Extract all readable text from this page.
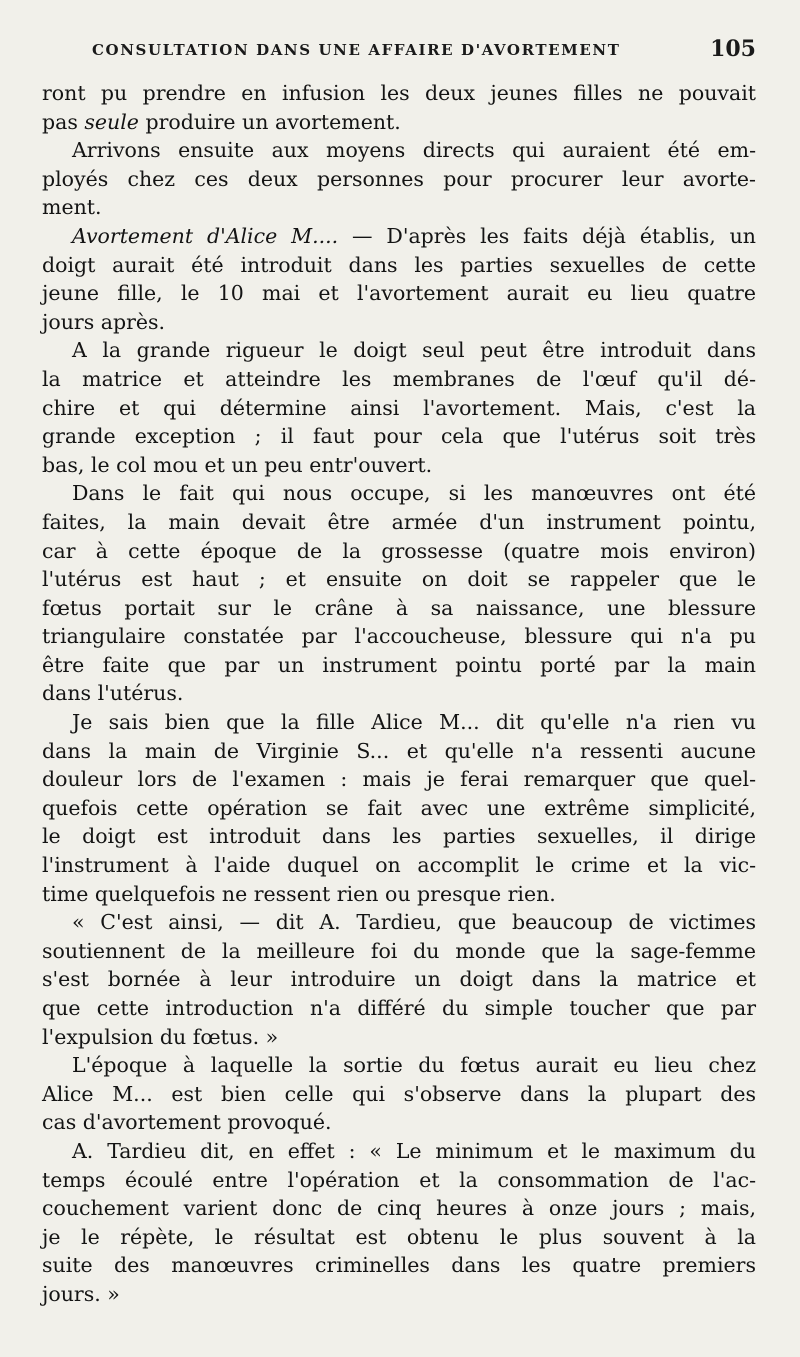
CONSULTATION DANS UNE AFFAIRE D'AVORTEMENT	105
ront pu prendre en infusion les deux jeunes filles ne pouvait
pas seule produire un avortement.
Arrivons ensuite aux moyens directs qui auraient été em-
ployés chez ces deux personnes pour procurer leur avorte-
ment.
Avortement d'Alice M.... — D'après les faits déjà établis, un
doigt aurait été introduit dans les parties sexuelles de cette
jeune fille, le 10 mai et l'avortement aurait eu lieu quatre
jours après.
A la grande rigueur le doigt seul peut être introduit dans
la matrice et atteindre les membranes de l'œuf qu'il dé-
chire et qui détermine ainsi l'avortement. Mais, c'est la
grande exception ; il faut pour cela que l'utérus soit très
bas, le col mou et un peu entr'ouvert.
Dans le fait qui nous occupe, si les manœuvres ont été
faites, la main devait être armée d'un instrument pointu,
car à cette époque de la grossesse (quatre mois environ)
l'utérus est haut ; et ensuite on doit se rappeler que le
fœtus portait sur le crâne à sa naissance, une blessure
triangulaire constatée par l'accoucheuse, blessure qui n'a pu
être faite que par un instrument pointu porté par la main
dans l'utérus.
Je sais bien que la fille Alice M... dit qu'elle n'a rien vu
dans la main de Virginie S... et qu'elle n'a ressenti aucune
douleur lors de l'examen : mais je ferai remarquer que quel-
quefois cette opération se fait avec une extrême simplicité,
le doigt est introduit dans les parties sexuelles, il dirige
l'instrument à l'aide duquel on accomplit le crime et la vic-
time quelquefois ne ressent rien ou presque rien.
« C'est ainsi, — dit A. Tardieu, que beaucoup de victimes
soutiennent de la meilleure foi du monde que la sage-femme
s'est bornée à leur introduire un doigt dans la matrice et
que cette introduction n'a différé du simple toucher que par
l'expulsion du fœtus. »
L'époque à laquelle la sortie du fœtus aurait eu lieu chez
Alice M... est bien celle qui s'observe dans la plupart des
cas d'avortement provoqué.
A. Tardieu dit, en effet : « Le minimum et le maximum du
temps écoulé entre l'opération et la consommation de l'ac-
couchement varient donc de cinq heures à onze jours ; mais,
je le répète, le résultat est obtenu le plus souvent à la
suite des manœuvres criminelles dans les quatre premiers
jours. »
